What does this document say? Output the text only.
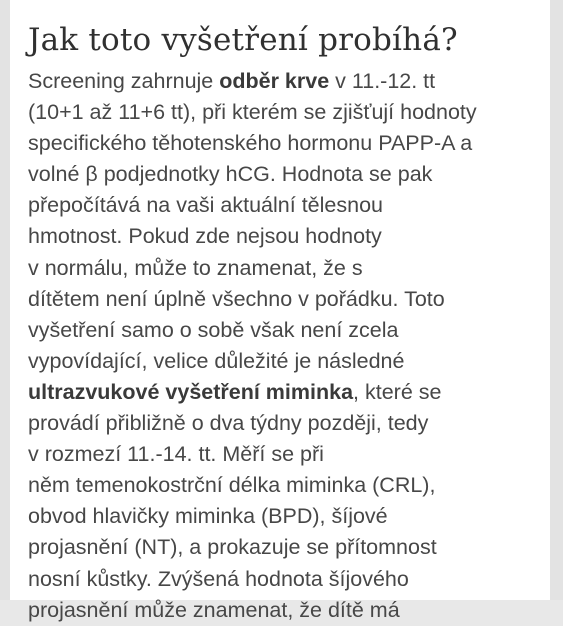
Jak toto vyšetření probíhá?
Screening zahrnuje odběr krve v 11.-12. tt
(10+1 až 11+6 tt), při kterém se zjišťují hodnoty
specifického těhotenského hormonu PAPP-A a
volné β podjednotky hCG. Hodnota se pak
přepočítává na vaši aktuální tělesnou
hmotnost. Pokud zde nejsou hodnoty
v normálu, může to znamenat, že s
dítětem není úplně všechno v pořádku. Toto
vyšetření samo o sobě však není zcela
vypovídající, velice důležité je následné
ultrazvukové vyšetření miminka, které se
provádí přibližně o dva týdny později, tedy
v rozmezí 11.-14. tt. Měří se při
něm temenokostrční délka miminka (CRL),
obvod hlavičky miminka (BPD), šíjové
projasnění (NT), a prokazuje se přítomnost
nosní kůstky. Zvýšená hodnota šíjového
projasnění může znamenat, že dítě má
